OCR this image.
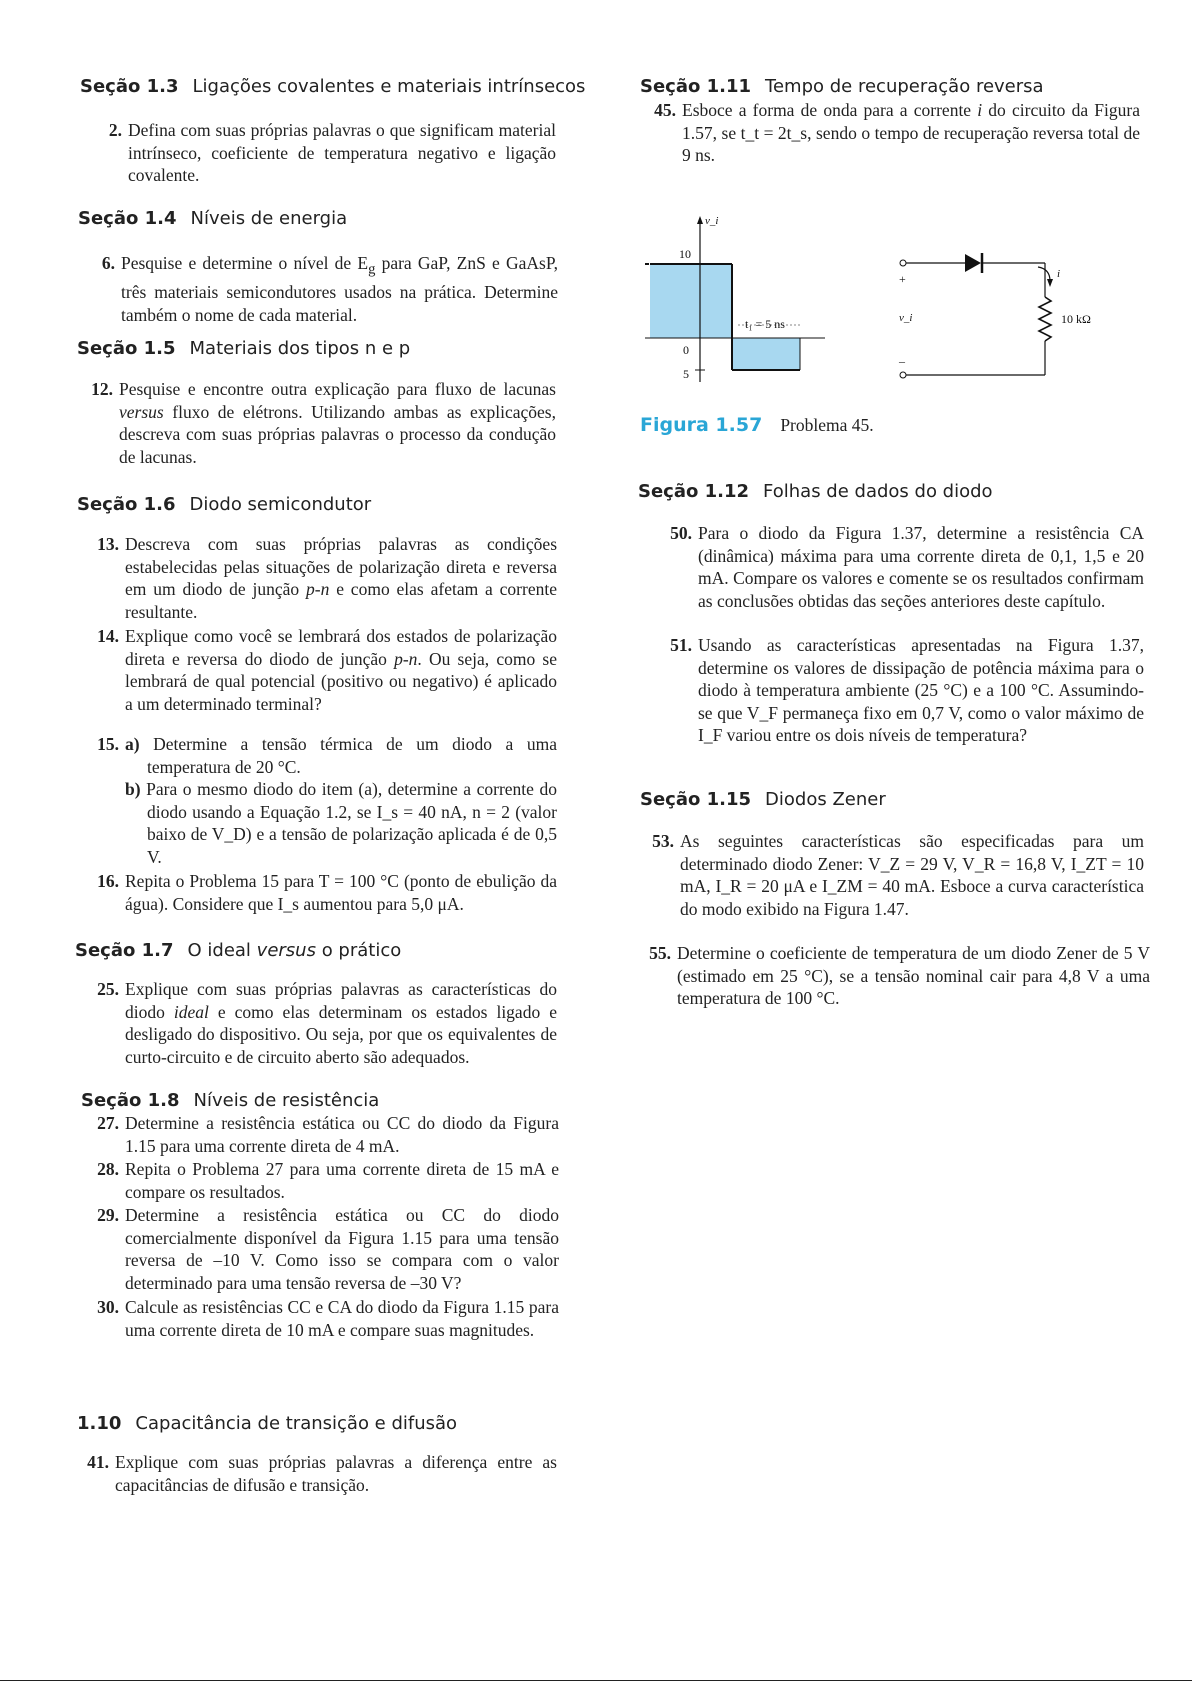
Seção 1.3 Ligações covalentes e materiais intrínsecos
2. Defina com suas próprias palavras o que significam material intrínseco, coeficiente de temperatura negativo e ligação covalente.
Seção 1.4 Níveis de energia
6. Pesquise e determine o nível de $E_g$ para GaP, ZnS e GaAsP, três materiais semicondutores usados na prática. Determine também o nome de cada material.
Seção 1.5 Materiais dos tipos n e p
12. Pesquise e encontre outra explicação para fluxo de lacunas versus fluxo de elétrons. Utilizando ambas as explicações, descreva com suas próprias palavras o processo da condução de lacunas.
Seção 1.6 Diodo semicondutor
13. Descreva com suas próprias palavras as condições estabelecidas pelas situações de polarização direta e reversa em um diodo de junção p-n e como elas afetam a corrente resultante.
14. Explique como você se lembrará dos estados de polarização direta e reversa do diodo de junção p-n. Ou seja, como se lembrará de qual potencial (positivo ou negativo) é aplicado a um determinado terminal?
15. a) Determine a tensão térmica de um diodo a uma temperatura de 20 °C.
b) Para o mesmo diodo do item (a), determine a corrente do diodo usando a Equação 1.2, se I_s = 40 nA, n = 2 (valor baixo de V_D) e a tensão de polarização aplicada é de 0,5 V.
16. Repita o Problema 15 para T = 100 °C (ponto de ebulição da água). Considere que I_s aumentou para 5,0 μA.
Seção 1.7 O ideal versus o prático
25. Explique com suas próprias palavras as características do diodo ideal e como elas determinam os estados ligado e desligado do dispositivo. Ou seja, por que os equivalentes de curto-circuito e de circuito aberto são adequados.
Seção 1.8 Níveis de resistência
27. Determine a resistência estática ou CC do diodo da Figura 1.15 para uma corrente direta de 4 mA.
28. Repita o Problema 27 para uma corrente direta de 15 mA e compare os resultados.
29. Determine a resistência estática ou CC do diodo comercialmente disponível da Figura 1.15 para uma tensão reversa de –10 V. Como isso se compara com o valor determinado para uma tensão reversa de –30 V?
30. Calcule as resistências CC e CA do diodo da Figura 1.15 para uma corrente direta de 10 mA e compare suas magnitudes.
1.10 Capacitância de transição e difusão
41. Explique com suas próprias palavras a diferença entre as capacitâncias de difusão e transição.
Seção 1.11 Tempo de recuperação reversa
45. Esboce a forma de onda para a corrente i do circuito da Figura 1.57, se t_t = 2t_s, sendo o tempo de recuperação reversa total de 9 ns.
v_i
10
0
5
t₁ = 5 ns
i
+
v_i
–
10 kΩ
Figura 1.57 Problema 45.
Seção 1.12 Folhas de dados do diodo
50. Para o diodo da Figura 1.37, determine a resistência CA (dinâmica) máxima para uma corrente direta de 0,1, 1,5 e 20 mA. Compare os valores e comente se os resultados confirmam as conclusões obtidas das seções anteriores deste capítulo.
51. Usando as características apresentadas na Figura 1.37, determine os valores de dissipação de potência máxima para o diodo à temperatura ambiente (25 °C) e a 100 °C. Assumindo-se que V_F permaneça fixo em 0,7 V, como o valor máximo de I_F variou entre os dois níveis de temperatura?
Seção 1.15 Diodos Zener
53. As seguintes características são especificadas para um determinado diodo Zener: V_Z = 29 V, V_R = 16,8 V, I_ZT = 10 mA, I_R = 20 μA e I_ZM = 40 mA. Esboce a curva característica do modo exibido na Figura 1.47.
55. Determine o coeficiente de temperatura de um diodo Zener de 5 V (estimado em 25 °C), se a tensão nominal cair para 4,8 V a uma temperatura de 100 °C.
